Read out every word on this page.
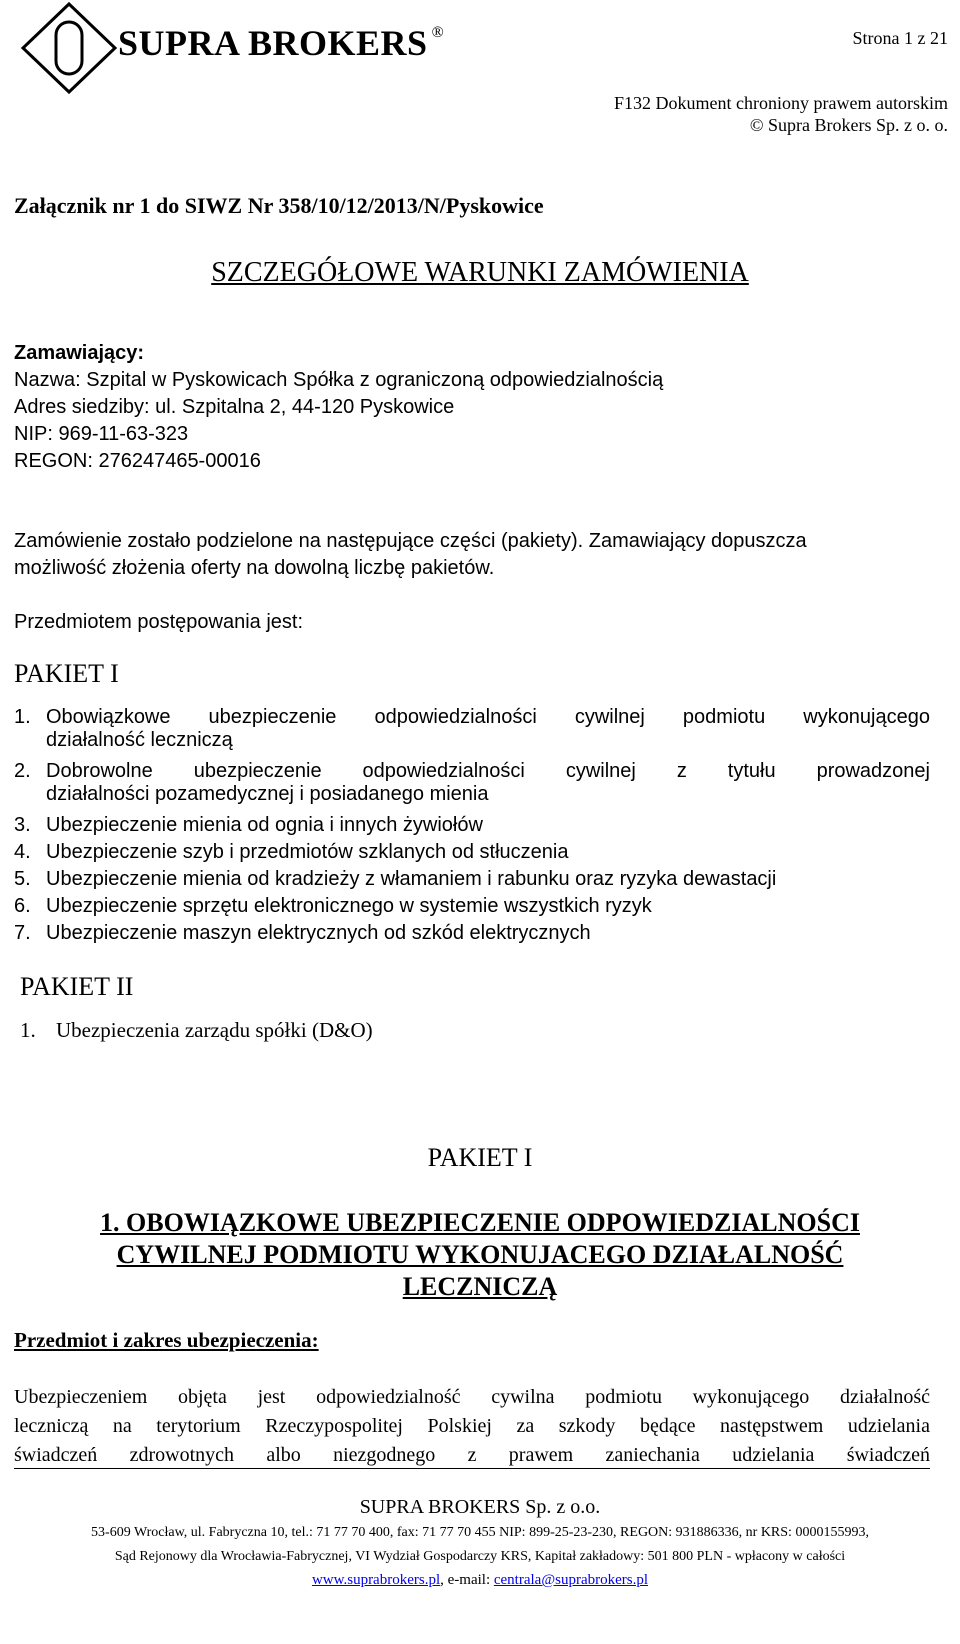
SUPRA BROKERS ®	Strona 1 z 21
F132 Dokument chroniony prawem autorskim
© Supra Brokers Sp. z o. o.
Załącznik nr 1 do SIWZ Nr 358/10/12/2013/N/Pyskowice
SZCZEGÓŁOWE WARUNKI ZAMÓWIENIA
Zamawiający:
Nazwa: Szpital w Pyskowicach Spółka z ograniczoną odpowiedzialnością
Adres siedziby: ul. Szpitalna 2, 44-120 Pyskowice
NIP: 969-11-63-323
REGON: 276247465-00016
Zamówienie zostało podzielone na następujące części (pakiety). Zamawiający dopuszcza
możliwość złożenia oferty na dowolną liczbę pakietów.
Przedmiotem postępowania jest:
PAKIET I
1. Obowiązkowe ubezpieczenie odpowiedzialności cywilnej podmiotu wykonującego
działalność leczniczą
2. Dobrowolne ubezpieczenie odpowiedzialności cywilnej z tytułu prowadzonej
działalności pozamedycznej i posiadanego mienia
3. Ubezpieczenie mienia od ognia i innych żywiołów
4. Ubezpieczenie szyb i przedmiotów szklanych od stłuczenia
5. Ubezpieczenie mienia od kradzieży z włamaniem i rabunku oraz ryzyka dewastacji
6. Ubezpieczenie sprzętu elektronicznego w systemie wszystkich ryzyk
7. Ubezpieczenie maszyn elektrycznych od szkód elektrycznych
PAKIET II
1. Ubezpieczenia zarządu spółki (D&O)
PAKIET I
1. OBOWIĄZKOWE UBEZPIECZENIE ODPOWIEDZIALNOŚCI
CYWILNEJ PODMIOTU WYKONUJACEGO DZIAŁALNOŚĆ
LECZNICZĄ
Przedmiot i zakres ubezpieczenia:
Ubezpieczeniem objęta jest odpowiedzialność cywilna podmiotu wykonującego działalność
leczniczą na terytorium Rzeczypospolitej Polskiej za szkody będące następstwem udzielania
świadczeń zdrowotnych albo niezgodnego z prawem zaniechania udzielania świadczeń
SUPRA BROKERS Sp. z o.o.
53-609 Wrocław, ul. Fabryczna 10, tel.: 71 77 70 400, fax: 71 77 70 455 NIP: 899-25-23-230, REGON: 931886336, nr KRS: 0000155993,
Sąd Rejonowy dla Wrocławia-Fabrycznej, VI Wydział Gospodarczy KRS, Kapitał zakładowy: 501 800 PLN - wpłacony w całości
www.suprabrokers.pl, e-mail: centrala@suprabrokers.pl
